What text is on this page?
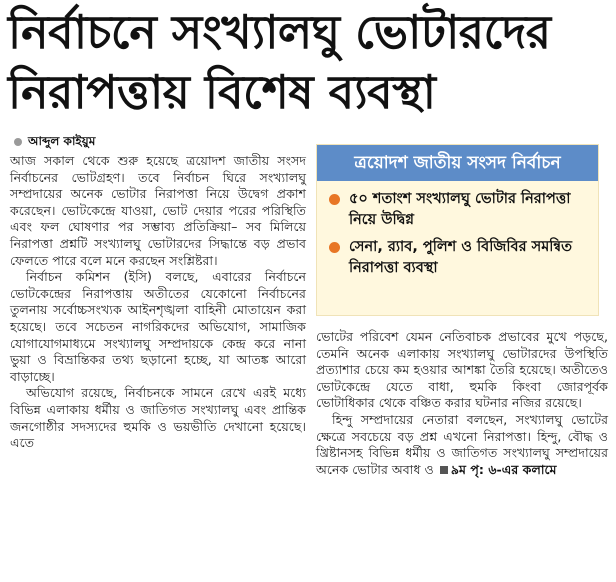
নির্বাচনে সংখ্যালঘু ভোটারদের
নিরাপত্তায় বিশেষ ব্যবস্থা
আব্দুল কাইয়ুম

আজ সকাল থেকে শুরু হয়েছে ত্রয়োদশ জাতীয় সংসদ নির্বাচনের ভোটগ্রহণ। তবে নির্বাচন ঘিরে সংখ্যালঘু সম্প্রদায়ের অনেক ভোটার নিরাপত্তা নিয়ে উদ্বেগ প্রকাশ করেছেন। ভোটকেন্দ্রে যাওয়া, ভোট দেয়ার পরের পরিস্থিতি এবং ফল ঘোষণার পর সম্ভাব্য প্রতিক্রিয়া– সব মিলিয়ে নিরাপত্তা প্রশ্নটি সংখ্যালঘু ভোটারদের সিদ্ধান্তে বড় প্রভাব ফেলতে পারে বলে মনে করছেন সংশ্লিষ্টরা।

নির্বাচন কমিশন (ইসি) বলছে, এবারের নির্বাচনে ভোটকেন্দ্রের নিরাপত্তায় অতীতের যেকোনো নির্বাচনের তুলনায় সর্বোচ্চসংখ্যক আইনশৃঙ্খলা বাহিনী মোতায়েন করা হয়েছে। তবে সচেতন নাগরিকদের অভিযোগ, সামাজিক যোগাযোগমাধ্যমে সংখ্যালঘু সম্প্রদায়কে কেন্দ্র করে নানা ভুয়া ও বিভ্রান্তিকর তথ্য ছড়ানো হচ্ছে, যা আতঙ্ক আরো বাড়াচ্ছে।

অভিযোগ রয়েছে, নির্বাচনকে সামনে রেখে এরই মধ্যে বিভিন্ন এলাকায় ধর্মীয় ও জাতিগত সংখ্যালঘু এবং প্রান্তিক জনগোষ্ঠীর সদস্যদের হুমকি ও ভয়ভীতি দেখানো হয়েছে। এতে

ত্রয়োদশ জাতীয় সংসদ নির্বাচন
৫০ শতাংশ সংখ্যালঘু ভোটার নিরাপত্তা নিয়ে উদ্বিগ্ন
সেনা, র‍্যাব, পুলিশ ও বিজিবির সমন্বিত নিরাপত্তা ব্যবস্থা

ভোটের পরিবেশ যেমন নেতিবাচক প্রভাবের মুখে পড়ছে, তেমনি অনেক এলাকায় সংখ্যালঘু ভোটারদের উপস্থিতি প্রত্যাশার চেয়ে কম হওয়ার আশঙ্কা তৈরি হয়েছে। অতীতেও ভোটকেন্দ্রে যেতে বাধা, হুমকি কিংবা জোরপূর্বক ভোটাধিকার থেকে বঞ্চিত করার ঘটনার নজির রয়েছে।

হিন্দু সম্প্রদায়ের নেতারা বলছেন, সংখ্যালঘু ভোটের ক্ষেত্রে সবচেয়ে বড় প্রশ্ন এখনো নিরাপত্তা। হিন্দু, বৌদ্ধ ও খ্রিষ্টানসহ বিভিন্ন ধর্মীয় ও জাতিগত সংখ্যালঘু সম্প্রদায়ের অনেক ভোটার অবাধ ও ৯ম পৃ: ৬-এর কলামে
